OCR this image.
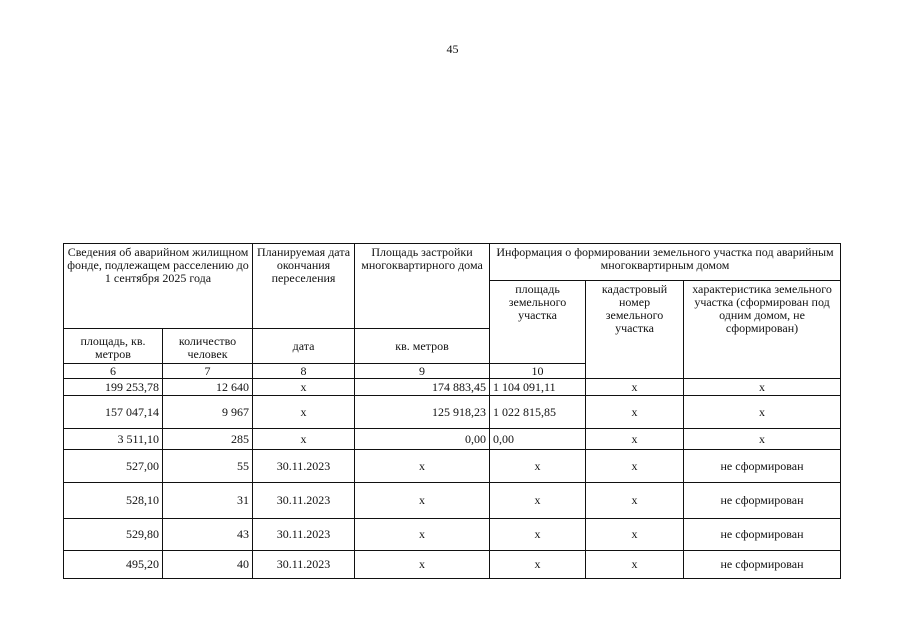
45
Сведения об аварийном жилищном фонде, подлежащем расселению до 1 сентября 2025 года		Планируемая дата окончания переселения	Площадь застройки многоквартирного дома	Информация о формировании земельного участка под аварийным многоквартирным домом			
				площадь земельного участка	кадастровый номер земельного участка	характеристика земельного участка (сформирован под одним домом, не сформирован)	
площадь, кв. метров	количество человек	дата	кв. метров	
6	7	8	9	10		
199 253,78	12 640	x	174 883,45	1 104 091,11	x	x	
157 047,14	9 967	x	125 918,23	1 022 815,85	x	x	
3 511,10	285	x	0,00	0,00	x	x	
527,00	55	30.11.2023	x	x	x	не сформирован	
528,10	31	30.11.2023	x	x	x	не сформирован	
529,80	43	30.11.2023	x	x	x	не сформирован	
495,20	40	30.11.2023	x	x	x	не сформирован	
